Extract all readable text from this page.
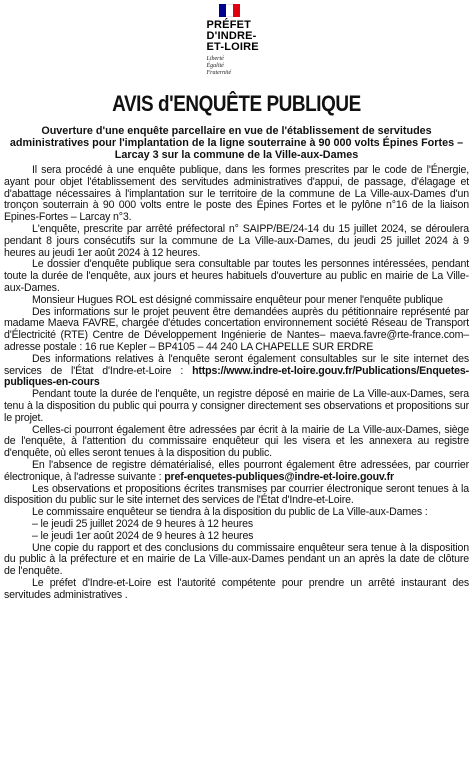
PRÉFET
D'INDRE-
ET-LOIRE
Liberté
Égalité
Fraternité
AVIS d'ENQUÊTE PUBLIQUE
Ouverture d'une enquête parcellaire en vue de l'établissement de servitudes administratives pour l'implantation de la ligne souterraine à 90 000 volts Épines Fortes – Larcay 3 sur la commune de la Ville-aux-Dames

Il sera procédé à une enquête publique, dans les formes prescrites par le code de l'Énergie, ayant pour objet l'établissement des servitudes administratives d'appui, de passage, d'élagage et d'abattage nécessaires à l'implantation sur le territoire de la commune de La Ville-aux-Dames d'un tronçon souterrain à 90 000 volts entre le poste des Épines Fortes et le pylône n°16 de la liaison Epines-Fortes – Larcay n°3.

L'enquête, prescrite par arrêté préfectoral n° SAIPP/BE/24-14 du 15 juillet 2024, se déroulera pendant 8 jours consécutifs sur la commune de La Ville-aux-Dames, du jeudi 25 juillet 2024 à 9 heures au jeudi 1er août 2024 à 12 heures.

Le dossier d'enquête publique sera consultable par toutes les personnes intéressées, pendant toute la durée de l'enquête, aux jours et heures habituels d'ouverture au public en mairie de La Ville-aux-Dames.

Monsieur Hugues ROL est désigné commissaire enquêteur pour mener l'enquête publique

Des informations sur le projet peuvent être demandées auprès du pétitionnaire représenté par madame Maeva FAVRE, chargée d'études concertation environnement société Réseau de Transport d'Électricité (RTE) Centre de Développement Ingénierie de Nantes– maeva.favre@rte-france.com– adresse postale : 16 rue Kepler – BP4105 – 44 240 LA CHAPELLE SUR ERDRE

Des informations relatives à l'enquête seront également consultables sur le site internet des services de l'État d'Indre-et-Loire : https://www.indre-et-loire.gouv.fr/Publications/Enquetes-publiques-en-cours

Pendant toute la durée de l'enquête, un registre déposé en mairie de La Ville-aux-Dames, sera tenu à la disposition du public qui pourra y consigner directement ses observations et propositions sur le projet.

Celles-ci pourront également être adressées par écrit à la mairie de La Ville-aux-Dames, siège de l'enquête, à l'attention du commissaire enquêteur qui les visera et les annexera au registre d'enquête, où elles seront tenues à la disposition du public.

En l'absence de registre dématérialisé, elles pourront également être adressées, par courrier électronique, à l'adresse suivante : pref-enquetes-publiques@indre-et-loire.gouv.fr

Les observations et propositions écrites transmises par courrier électronique seront tenues à la disposition du public sur le site internet des services de l'État d'Indre-et-Loire.

Le commissaire enquêteur se tiendra à la disposition du public de La Ville-aux-Dames :

– le jeudi 25 juillet 2024 de 9 heures à 12 heures

– le jeudi 1er août 2024 de 9 heures à 12 heures

Une copie du rapport et des conclusions du commissaire enquêteur sera tenue à la disposition du public à la préfecture et en mairie de La Ville-aux-Dames pendant un an après la date de clôture de l'enquête.

Le préfet d'Indre-et-Loire est l'autorité compétente pour prendre un arrêté instaurant des servitudes administratives .
